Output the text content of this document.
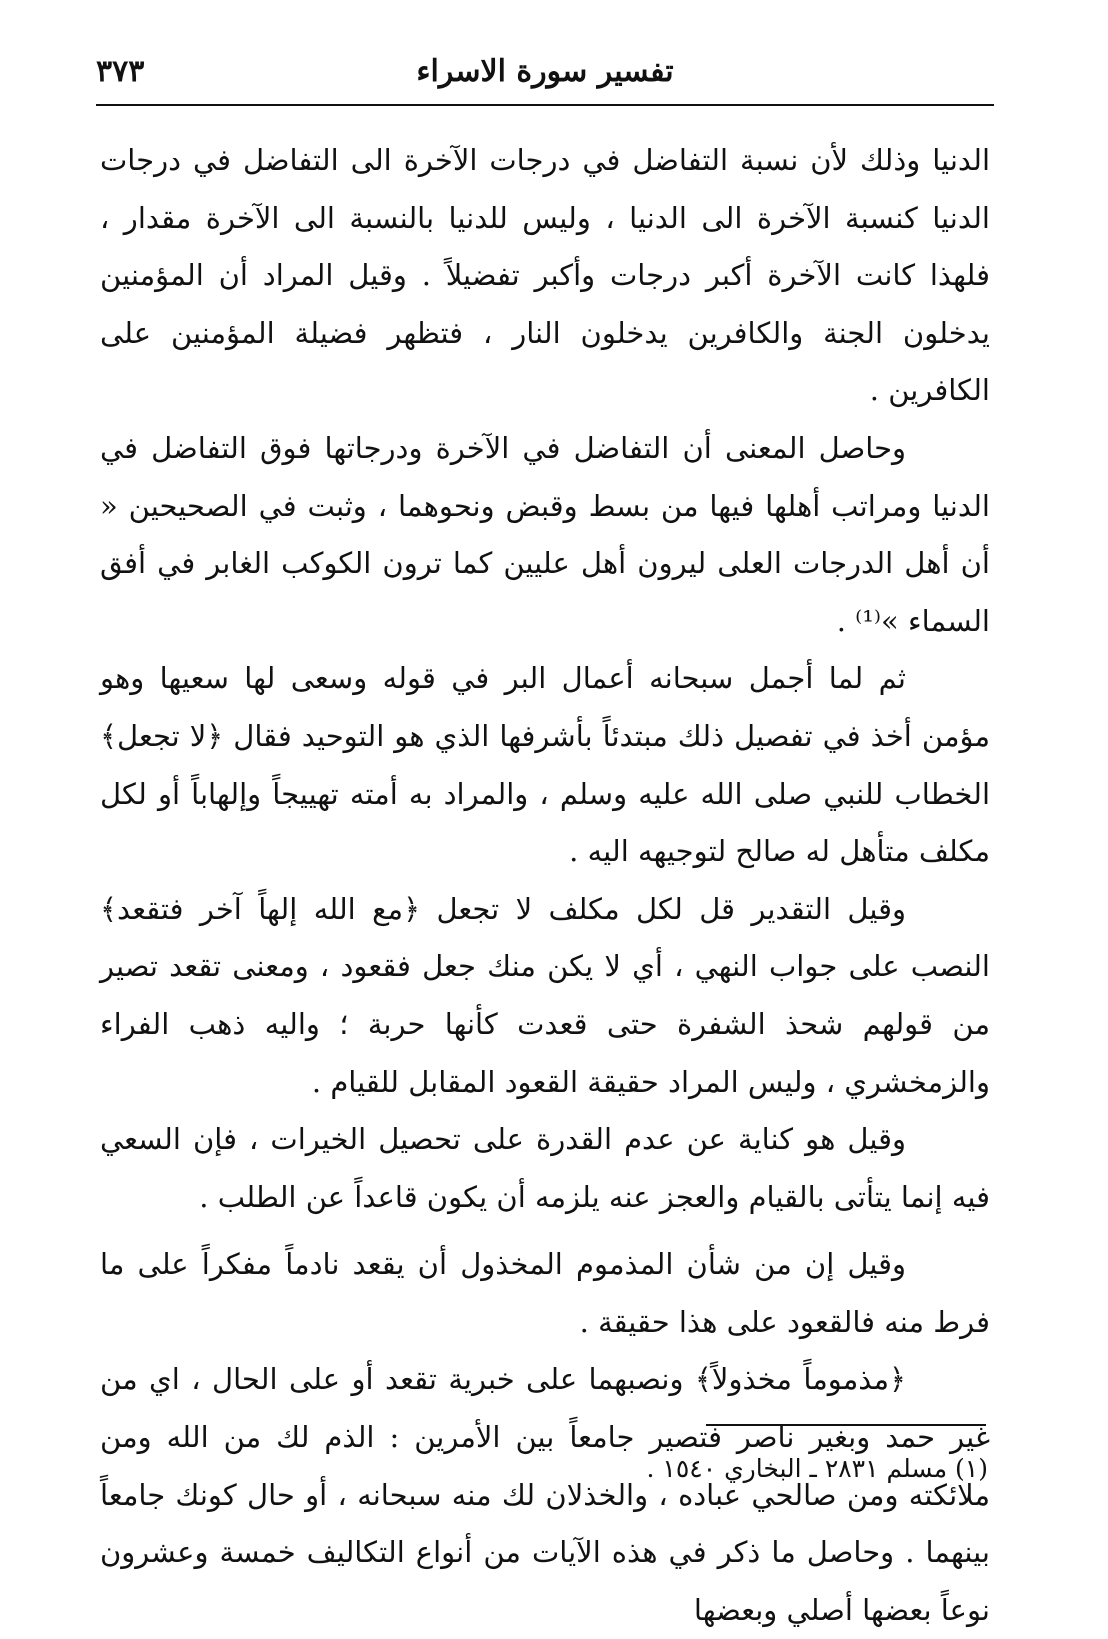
٣٧٣	تفسير سورة الاسراء

الدنيا وذلك لأن نسبة التفاضل في درجات الآخرة الى التفاضل في درجات الدنيا كنسبة الآخرة الى الدنيا ، وليس للدنيا بالنسبة الى الآخرة مقدار ، فلهذا كانت الآخرة أكبر درجات وأكبر تفضيلاً . وقيل المراد أن المؤمنين يدخلون الجنة والكافرين يدخلون النار ، فتظهر فضيلة المؤمنين على الكافرين .

وحاصل المعنى أن التفاضل في الآخرة ودرجاتها فوق التفاضل في الدنيا ومراتب أهلها فيها من بسط وقبض ونحوهما ، وثبت في الصحيحين « أن أهل الدرجات العلى ليرون أهل عليين كما ترون الكوكب الغابر في أفق السماء »⁽¹⁾ .

ثم لما أجمل سبحانه أعمال البر في قوله وسعى لها سعيها وهو مؤمن أخذ في تفصيل ذلك مبتدئاً بأشرفها الذي هو التوحيد فقال ﴿لا تجعل﴾ الخطاب للنبي صلى الله عليه وسلم ، والمراد به أمته تهييجاً وإلهاباً أو لكل مكلف متأهل له صالح لتوجيهه اليه .

وقيل التقدير قل لكل مكلف لا تجعل ﴿مع الله إلهاً آخر فتقعد﴾ النصب على جواب النهي ، أي لا يكن منك جعل فقعود ، ومعنى تقعد تصير من قولهم شحذ الشفرة حتى قعدت كأنها حربة ؛ واليه ذهب الفراء والزمخشري ، وليس المراد حقيقة القعود المقابل للقيام .

وقيل هو كناية عن عدم القدرة على تحصيل الخيرات ، فإن السعي فيه إنما يتأتى بالقيام والعجز عنه يلزمه أن يكون قاعداً عن الطلب .

وقيل إن من شأن المذموم المخذول أن يقعد نادماً مفكراً على ما فرط منه فالقعود على هذا حقيقة .

﴿مذموماً مخذولاً﴾ ونصبهما على خبرية تقعد أو على الحال ، اي من غير حمد وبغير ناصر فتصير جامعاً بين الأمرين : الذم لك من الله ومن ملائكته ومن صالحي عباده ، والخذلان لك منه سبحانه ، أو حال كونك جامعاً بينهما . وحاصل ما ذكر في هذه الآيات من أنواع التكاليف خمسة وعشرون نوعاً بعضها أصلي وبعضها

(١) مسلم ٢٨٣١ ـ البخاري ١٥٤٠ .
